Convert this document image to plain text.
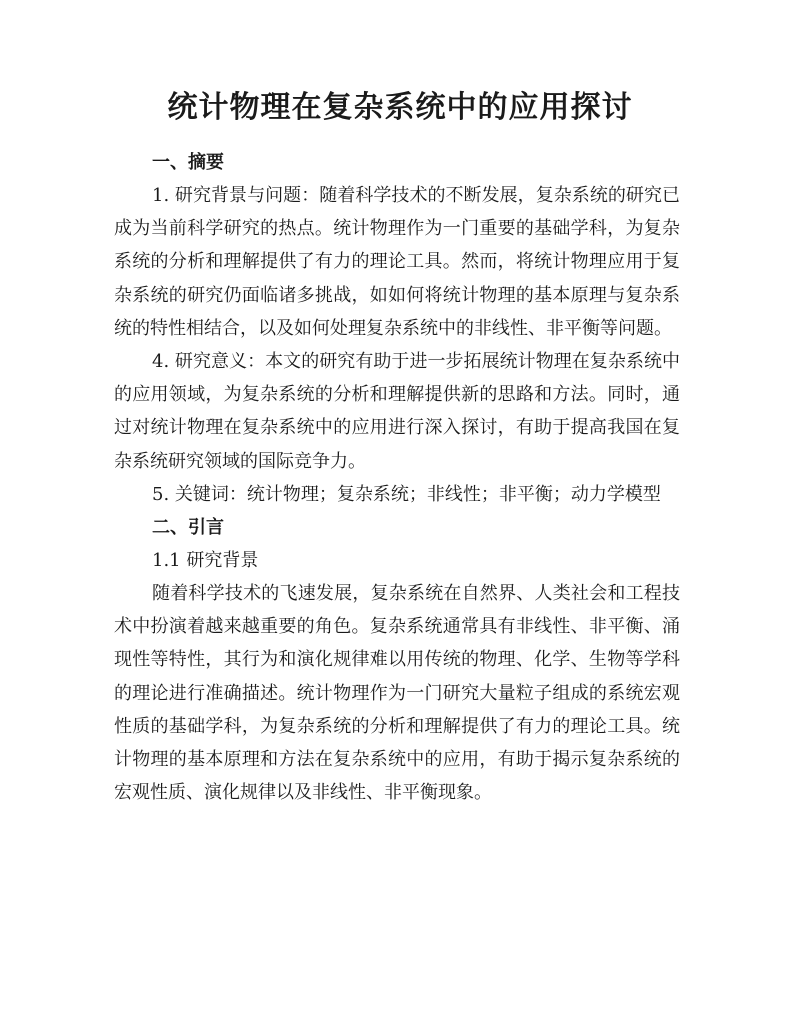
统计物理在复杂系统中的应用探讨
一、摘要

1. 研究背景与问题：随着科学技术的不断发展，复杂系统的研究已成为当前科学研究的热点。统计物理作为一门重要的基础学科，为复杂系统的分析和理解提供了有力的理论工具。然而，将统计物理应用于复杂系统的研究仍面临诸多挑战，如如何将统计物理的基本原理与复杂系统的特性相结合，以及如何处理复杂系统中的非线性、非平衡等问题。

4. 研究意义：本文的研究有助于进一步拓展统计物理在复杂系统中的应用领域，为复杂系统的分析和理解提供新的思路和方法。同时，通过对统计物理在复杂系统中的应用进行深入探讨，有助于提高我国在复杂系统研究领域的国际竞争力。

5. 关键词：统计物理；复杂系统；非线性；非平衡；动力学模型

二、引言

1.1 研究背景

随着科学技术的飞速发展，复杂系统在自然界、人类社会和工程技术中扮演着越来越重要的角色。复杂系统通常具有非线性、非平衡、涌现性等特性，其行为和演化规律难以用传统的物理、化学、生物等学科的理论进行准确描述。统计物理作为一门研究大量粒子组成的系统宏观性质的基础学科，为复杂系统的分析和理解提供了有力的理论工具。统计物理的基本原理和方法在复杂系统中的应用，有助于揭示复杂系统的宏观性质、演化规律以及非线性、非平衡现象。
